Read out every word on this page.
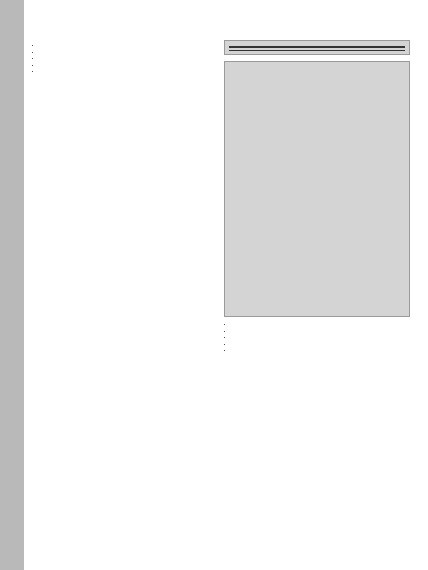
•
•
•
•
•

•
•
•
•
•
